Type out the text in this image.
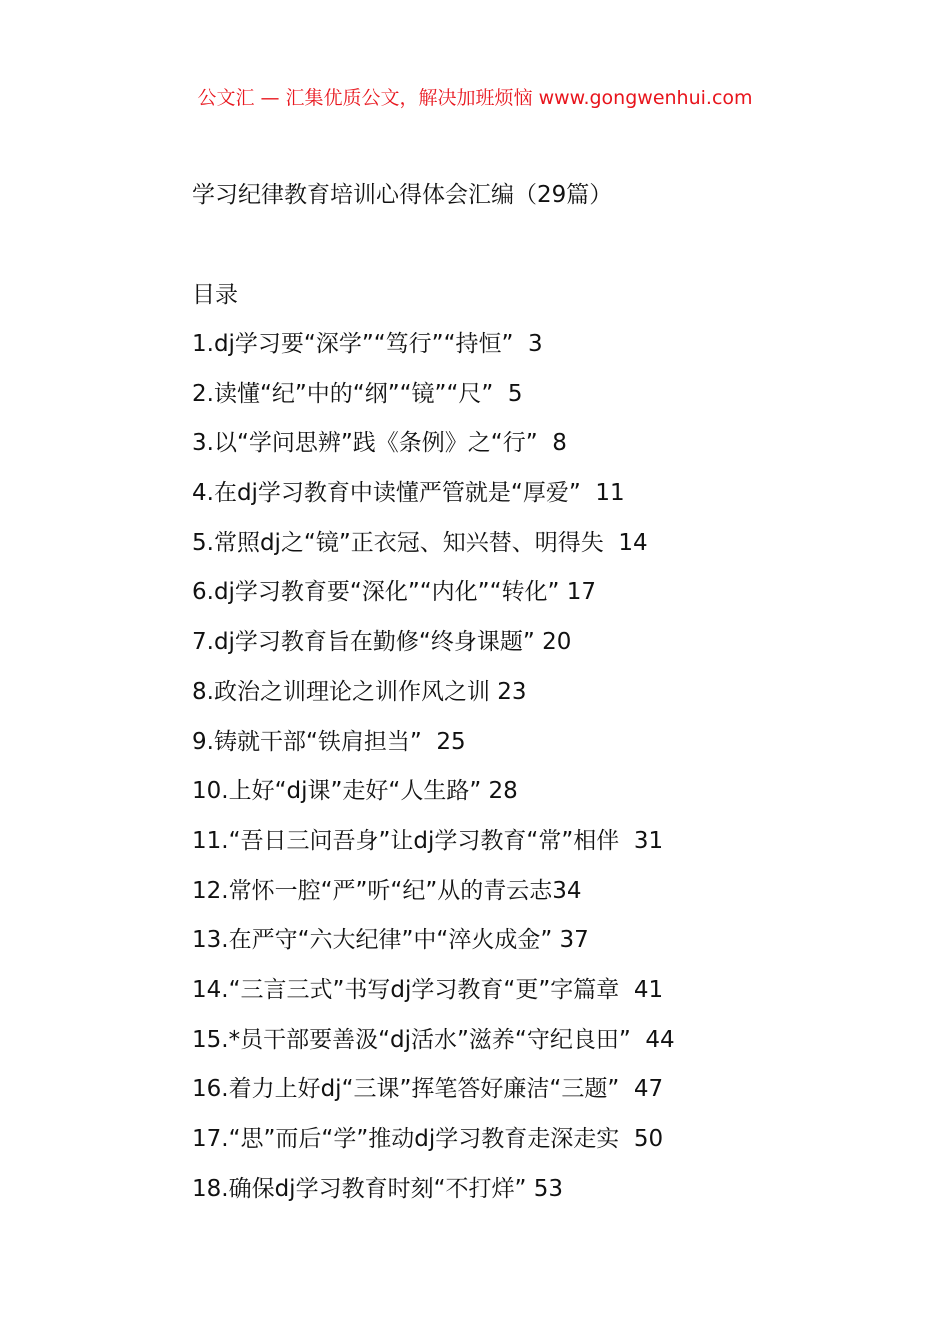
公文汇 — 汇集优质公文，解决加班烦恼 www.gongwenhui.com
学习纪律教育培训心得体会汇编（29篇）
目录
1.dj学习要“深学”“笃行”“持恒”  3
2.读懂“纪”中的“纲”“镜”“尺”  5
3.以“学问思辨”践《条例》之“行”  8
4.在dj学习教育中读懂严管就是“厚爱”  11
5.常照dj之“镜”正衣冠、知兴替、明得失  14
6.dj学习教育要“深化”“内化”“转化” 17
7.dj学习教育旨在勤修“终身课题” 20
8.政治之训理论之训作风之训 23
9.铸就干部“铁肩担当”  25
10.上好“dj课”走好“人生路” 28
11.“吾日三问吾身”让dj学习教育“常”相伴  31
12.常怀一腔“严”听“纪”从的青云志34
13.在严守“六大纪律”中“淬火成金” 37
14.“三言三式”书写dj学习教育“更”字篇章  41
15.*员干部要善汲“dj活水”滋养“守纪良田”  44
16.着力上好dj“三课”挥笔答好廉洁“三题”  47
17.“思”而后“学”推动dj学习教育走深走实  50
18.确保dj学习教育时刻“不打烊” 53
